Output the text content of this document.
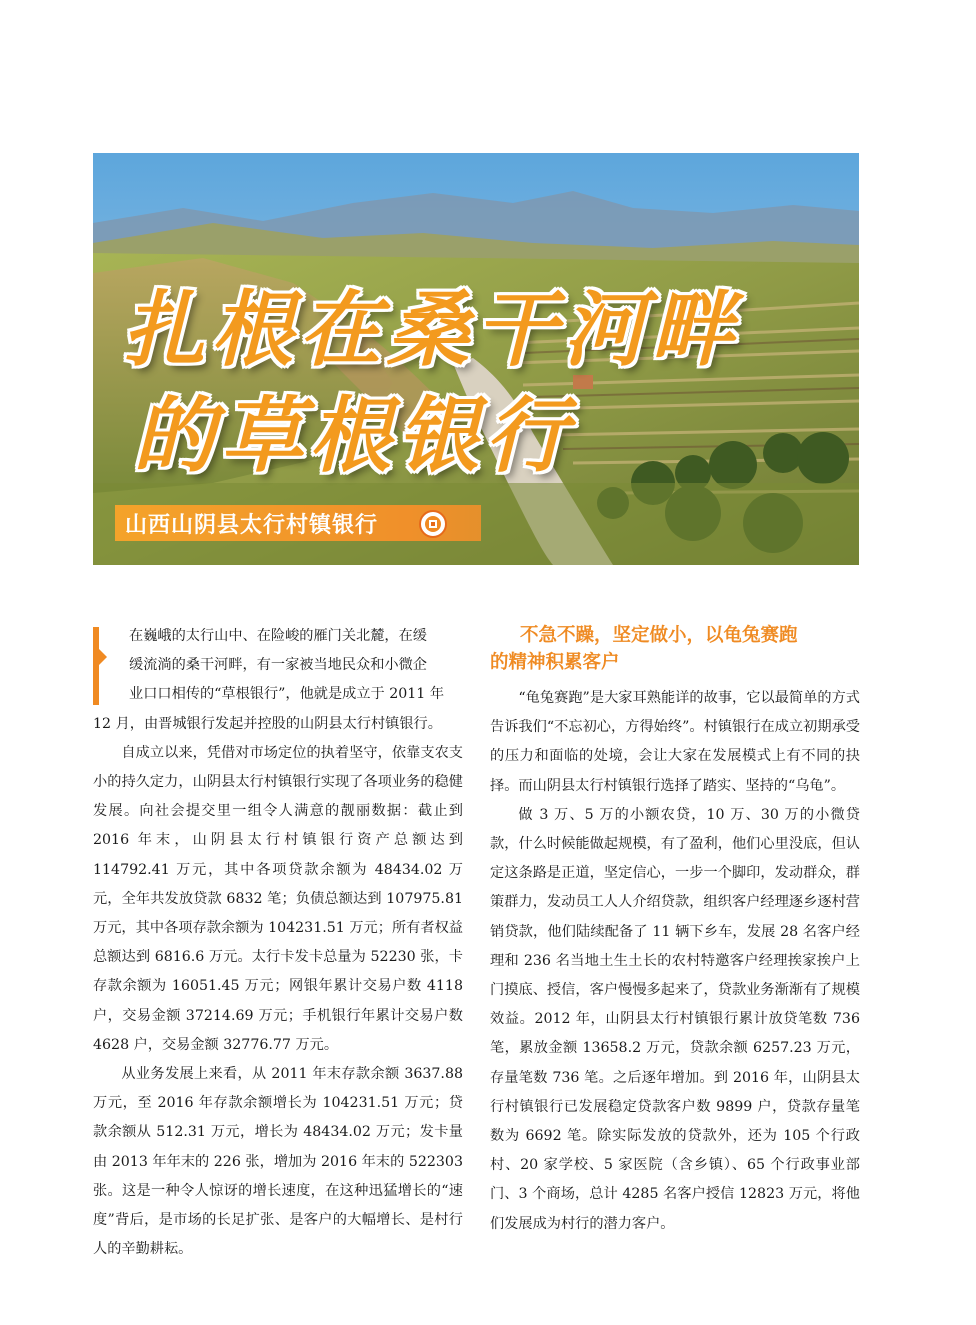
扎根在桑干河畔
的草根银行
山西山阴县太行村镇银行
在巍峨的太行山中、在险峻的雁门关北麓，在缓
缓流淌的桑干河畔，有一家被当地民众和小微企
业口口相传的“草根银行”，他就是成立于 2011 年

12 月，由晋城银行发起并控股的山阴县太行村镇银行。

自成立以来，凭借对市场定位的执着坚守，依靠支农支小的持久定力，山阴县太行村镇银行实现了各项业务的稳健发展。向社会提交里一组令人满意的靓丽数据：截止到 2016 年末，山阴县太行村镇银行资产总额达到 114792.41 万元，其中各项贷款余额为 48434.02 万元，全年共发放贷款 6832 笔；负债总额达到 107975.81 万元，其中各项存款余额为 104231.51 万元；所有者权益总额达到 6816.6 万元。太行卡发卡总量为 52230 张，卡存款余额为 16051.45 万元；网银年累计交易户数 4118 户，交易金额 37214.69 万元；手机银行年累计交易户数 4628 户，交易金额 32776.77 万元。

从业务发展上来看，从 2011 年末存款余额 3637.88 万元，至 2016 年存款余额增长为 104231.51 万元；贷款余额从 512.31 万元，增长为 48434.02 万元；发卡量由 2013 年年末的 226 张，增加为 2016 年末的 522303 张。这是一种令人惊讶的增长速度，在这种迅猛增长的“速度”背后，是市场的长足扩张、是客户的大幅增长、是村行人的辛勤耕耘。

不急不躁，坚定做小，以龟兔赛跑
的精神积累客户

“龟兔赛跑”是大家耳熟能详的故事，它以最简单的方式告诉我们“不忘初心，方得始终”。村镇银行在成立初期承受的压力和面临的处境，会让大家在发展模式上有不同的抉择。而山阴县太行村镇银行选择了踏实、坚持的“乌龟”。

做 3 万、5 万的小额农贷，10 万、30 万的小微贷款，什么时候能做起规模，有了盈利，他们心里没底，但认定这条路是正道，坚定信心，一步一个脚印，发动群众，群策群力，发动员工人人介绍贷款，组织客户经理逐乡逐村营销贷款，他们陆续配备了 11 辆下乡车，发展 28 名客户经理和 236 名当地土生土长的农村特邀客户经理挨家挨户上门摸底、授信，客户慢慢多起来了，贷款业务渐渐有了规模效益。2012 年，山阴县太行村镇银行累计放贷笔数 736 笔，累放金额 13658.2 万元，贷款余额 6257.23 万元，存量笔数 736 笔。之后逐年增加。到 2016 年，山阴县太行村镇银行已发展稳定贷款客户数 9899 户，贷款存量笔数为 6692 笔。除实际发放的贷款外，还为 105 个行政村、20 家学校、5 家医院（含乡镇）、65 个行政事业部门、3 个商场，总计 4285 名客户授信 12823 万元，将他们发展成为村行的潜力客户。
